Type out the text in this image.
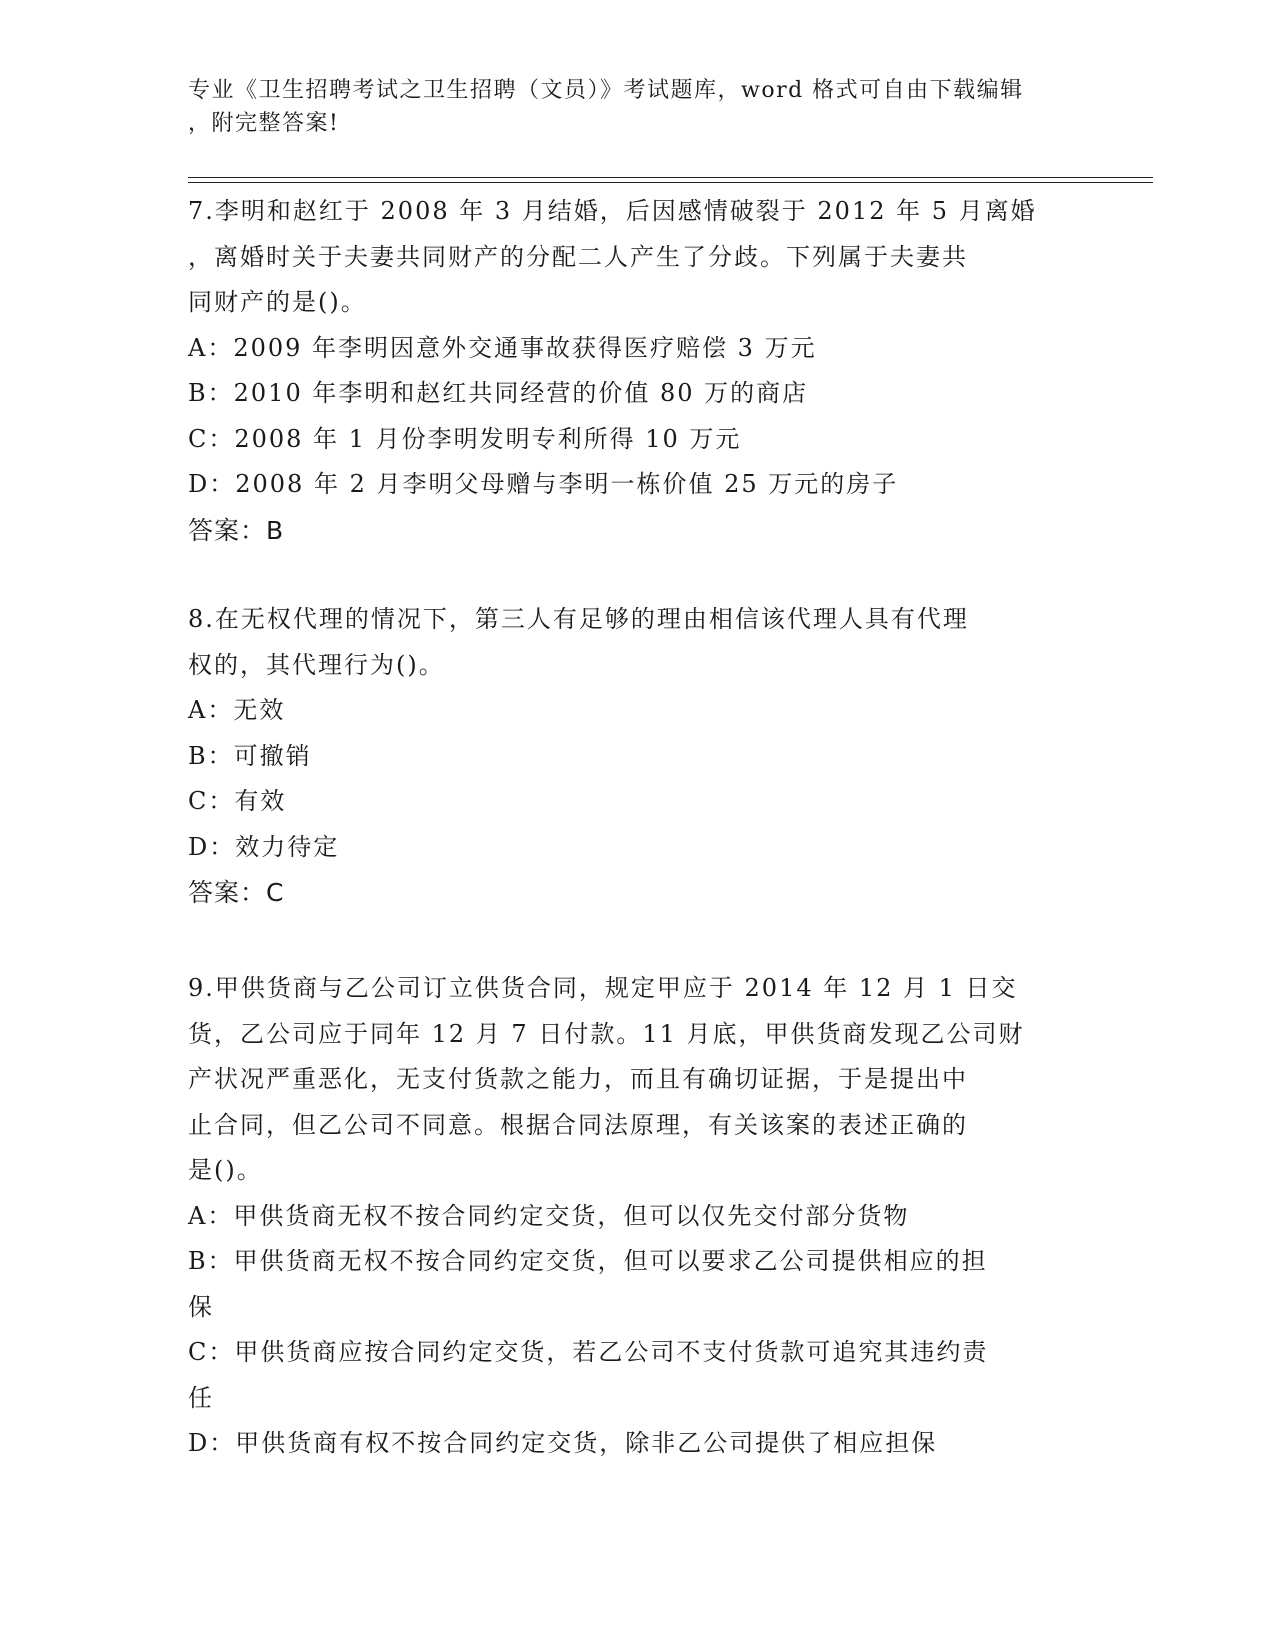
专业《卫生招聘考试之卫生招聘（文员）》考试题库，word 格式可自由下载编辑
，附完整答案!
7.李明和赵红于 2008 年 3 月结婚，后因感情破裂于 2012 年 5 月离婚
，离婚时关于夫妻共同财产的分配二人产生了分歧。下列属于夫妻共
同财产的是()。
A：2009 年李明因意外交通事故获得医疗赔偿 3 万元
B：2010 年李明和赵红共同经营的价值 80 万的商店
C：2008 年 1 月份李明发明专利所得 10 万元
D：2008 年 2 月李明父母赠与李明一栋价值 25 万元的房子
答案：B
8.在无权代理的情况下，第三人有足够的理由相信该代理人具有代理
权的，其代理行为()。
A：无效
B：可撤销
C：有效
D：效力待定
答案：C
9.甲供货商与乙公司订立供货合同，规定甲应于 2014 年 12 月 1 日交
货，乙公司应于同年 12 月 7 日付款。11 月底，甲供货商发现乙公司财
产状况严重恶化，无支付货款之能力，而且有确切证据，于是提出中
止合同，但乙公司不同意。根据合同法原理，有关该案的表述正确的
是()。
A：甲供货商无权不按合同约定交货，但可以仅先交付部分货物
B：甲供货商无权不按合同约定交货，但可以要求乙公司提供相应的担
保
C：甲供货商应按合同约定交货，若乙公司不支付货款可追究其违约责
任
D：甲供货商有权不按合同约定交货，除非乙公司提供了相应担保
